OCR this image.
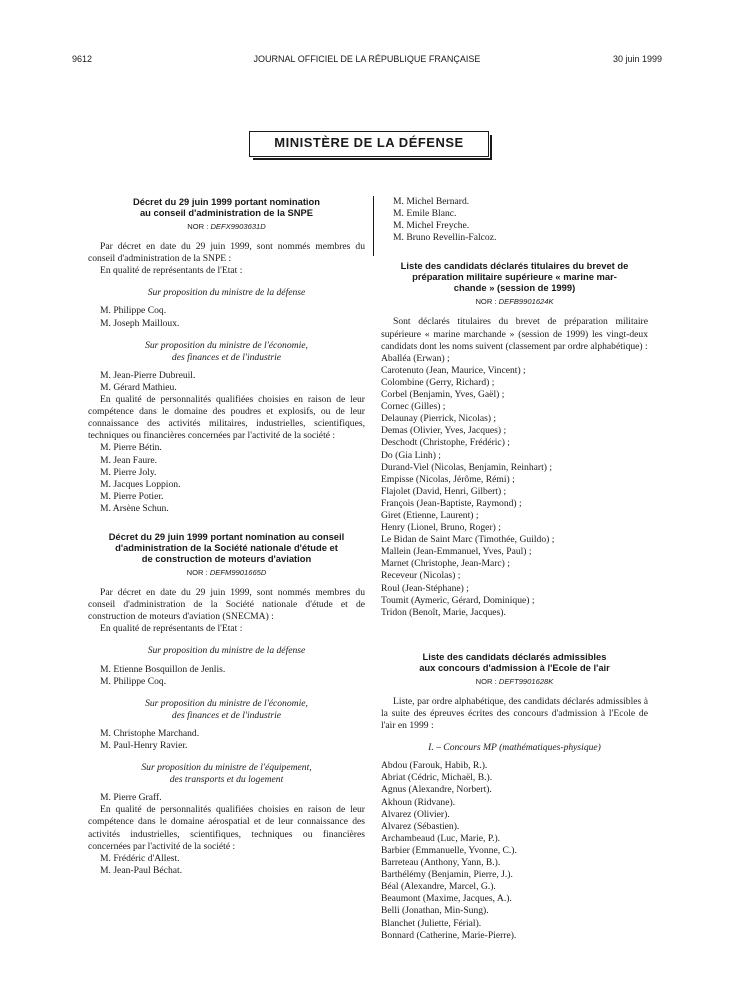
9612	JOURNAL OFFICIEL DE LA RÉPUBLIQUE FRANÇAISE	30 juin 1999
MINISTÈRE DE LA DÉFENSE
Décret du 29 juin 1999 portant nomination
au conseil d'administration de la SNPE
NOR : DEFX9903631D

Par décret en date du 29 juin 1999, sont nommés membres du conseil d'administration de la SNPE :

En qualité de représentants de l'Etat :

Sur proposition du ministre de la défense
M. Philippe Coq.
M. Joseph Mailloux.
Sur proposition du ministre de l'économie,
des finances et de l'industrie
M. Jean-Pierre Dubreuil.
M. Gérard Mathieu.

En qualité de personnalités qualifiées choisies en raison de leur compétence dans le domaine des poudres et explosifs, ou de leur connaissance des activités militaires, industrielles, scientifiques, techniques ou financières concernées par l'activité de la société :

M. Pierre Bétin.
M. Jean Faure.
M. Pierre Joly.
M. Jacques Loppion.
M. Pierre Potier.
M. Arsène Schun.
Décret du 29 juin 1999 portant nomination au conseil
d'administration de la Société nationale d'étude et
de construction de moteurs d'aviation
NOR : DEFM9901665D

Par décret en date du 29 juin 1999, sont nommés membres du conseil d'administration de la Société nationale d'étude et de construction de moteurs d'aviation (SNECMA) :

En qualité de représentants de l'Etat :

Sur proposition du ministre de la défense
M. Etienne Bosquillon de Jenlis.
M. Philippe Coq.
Sur proposition du ministre de l'économie,
des finances et de l'industrie
M. Christophe Marchand.
M. Paul-Henry Ravier.
Sur proposition du ministre de l'équipement,
des transports et du logement
M. Pierre Graff.

En qualité de personnalités qualifiées choisies en raison de leur compétence dans le domaine aérospatial et de leur connaissance des activités industrielles, scientifiques, techniques ou financières concernées par l'activité de la société :

M. Frédéric d'Allest.
M. Jean-Paul Béchat.
M. Michel Bernard.
M. Emile Blanc.
M. Michel Freyche.
M. Bruno Revellin-Falcoz.
Liste des candidats déclarés titulaires du brevet de
préparation militaire supérieure « marine mar-
chande » (session de 1999)
NOR : DEFB9901624K

Sont déclarés titulaires du brevet de préparation militaire supérieure « marine marchande » (session de 1999) les vingt-deux candidats dont les noms suivent (classement par ordre alphabétique) :

Aballéa (Erwan) ;
Carotenuto (Jean, Maurice, Vincent) ;
Colombine (Gerry, Richard) ;
Corbel (Benjamin, Yves, Gaël) ;
Cornec (Gilles) ;
Delaunay (Pierrick, Nicolas) ;
Demas (Olivier, Yves, Jacques) ;
Deschodt (Christophe, Frédéric) ;
Do (Gia Linh) ;
Durand-Viel (Nicolas, Benjamin, Reinhart) ;
Empisse (Nicolas, Jérôme, Rémi) ;
Flajolet (David, Henri, Gilbert) ;
François (Jean-Baptiste, Raymond) ;
Giret (Etienne, Laurent) ;
Henry (Lionel, Bruno, Roger) ;
Le Bidan de Saint Marc (Timothée, Guildo) ;
Mallein (Jean-Emmanuel, Yves, Paul) ;
Marnet (Christophe, Jean-Marc) ;
Receveur (Nicolas) ;
Roul (Jean-Stéphane) ;
Toumit (Aymeric, Gérard, Dominique) ;
Tridon (Benoît, Marie, Jacques).
Liste des candidats déclarés admissibles
aux concours d'admission à l'Ecole de l'air
NOR : DEFT9901628K

Liste, par ordre alphabétique, des candidats déclarés admissibles à la suite des épreuves écrites des concours d'admission à l'Ecole de l'air en 1999 :

I. – Concours MP (mathématiques-physique)
Abdou (Farouk, Habib, R.).
Abriat (Cédric, Michaël, B.).
Agnus (Alexandre, Norbert).
Akhoun (Ridvane).
Alvarez (Olivier).
Alvarez (Sébastien).
Archambeaud (Luc, Marie, P.).
Barbier (Emmanuelle, Yvonne, C.).
Barreteau (Anthony, Yann, B.).
Barthélémy (Benjamin, Pierre, J.).
Béal (Alexandre, Marcel, G.).
Beaumont (Maxime, Jacques, A.).
Belli (Jonathan, Min-Sung).
Blanchet (Juliette, Férial).
Bonnard (Catherine, Marie-Pierre).
